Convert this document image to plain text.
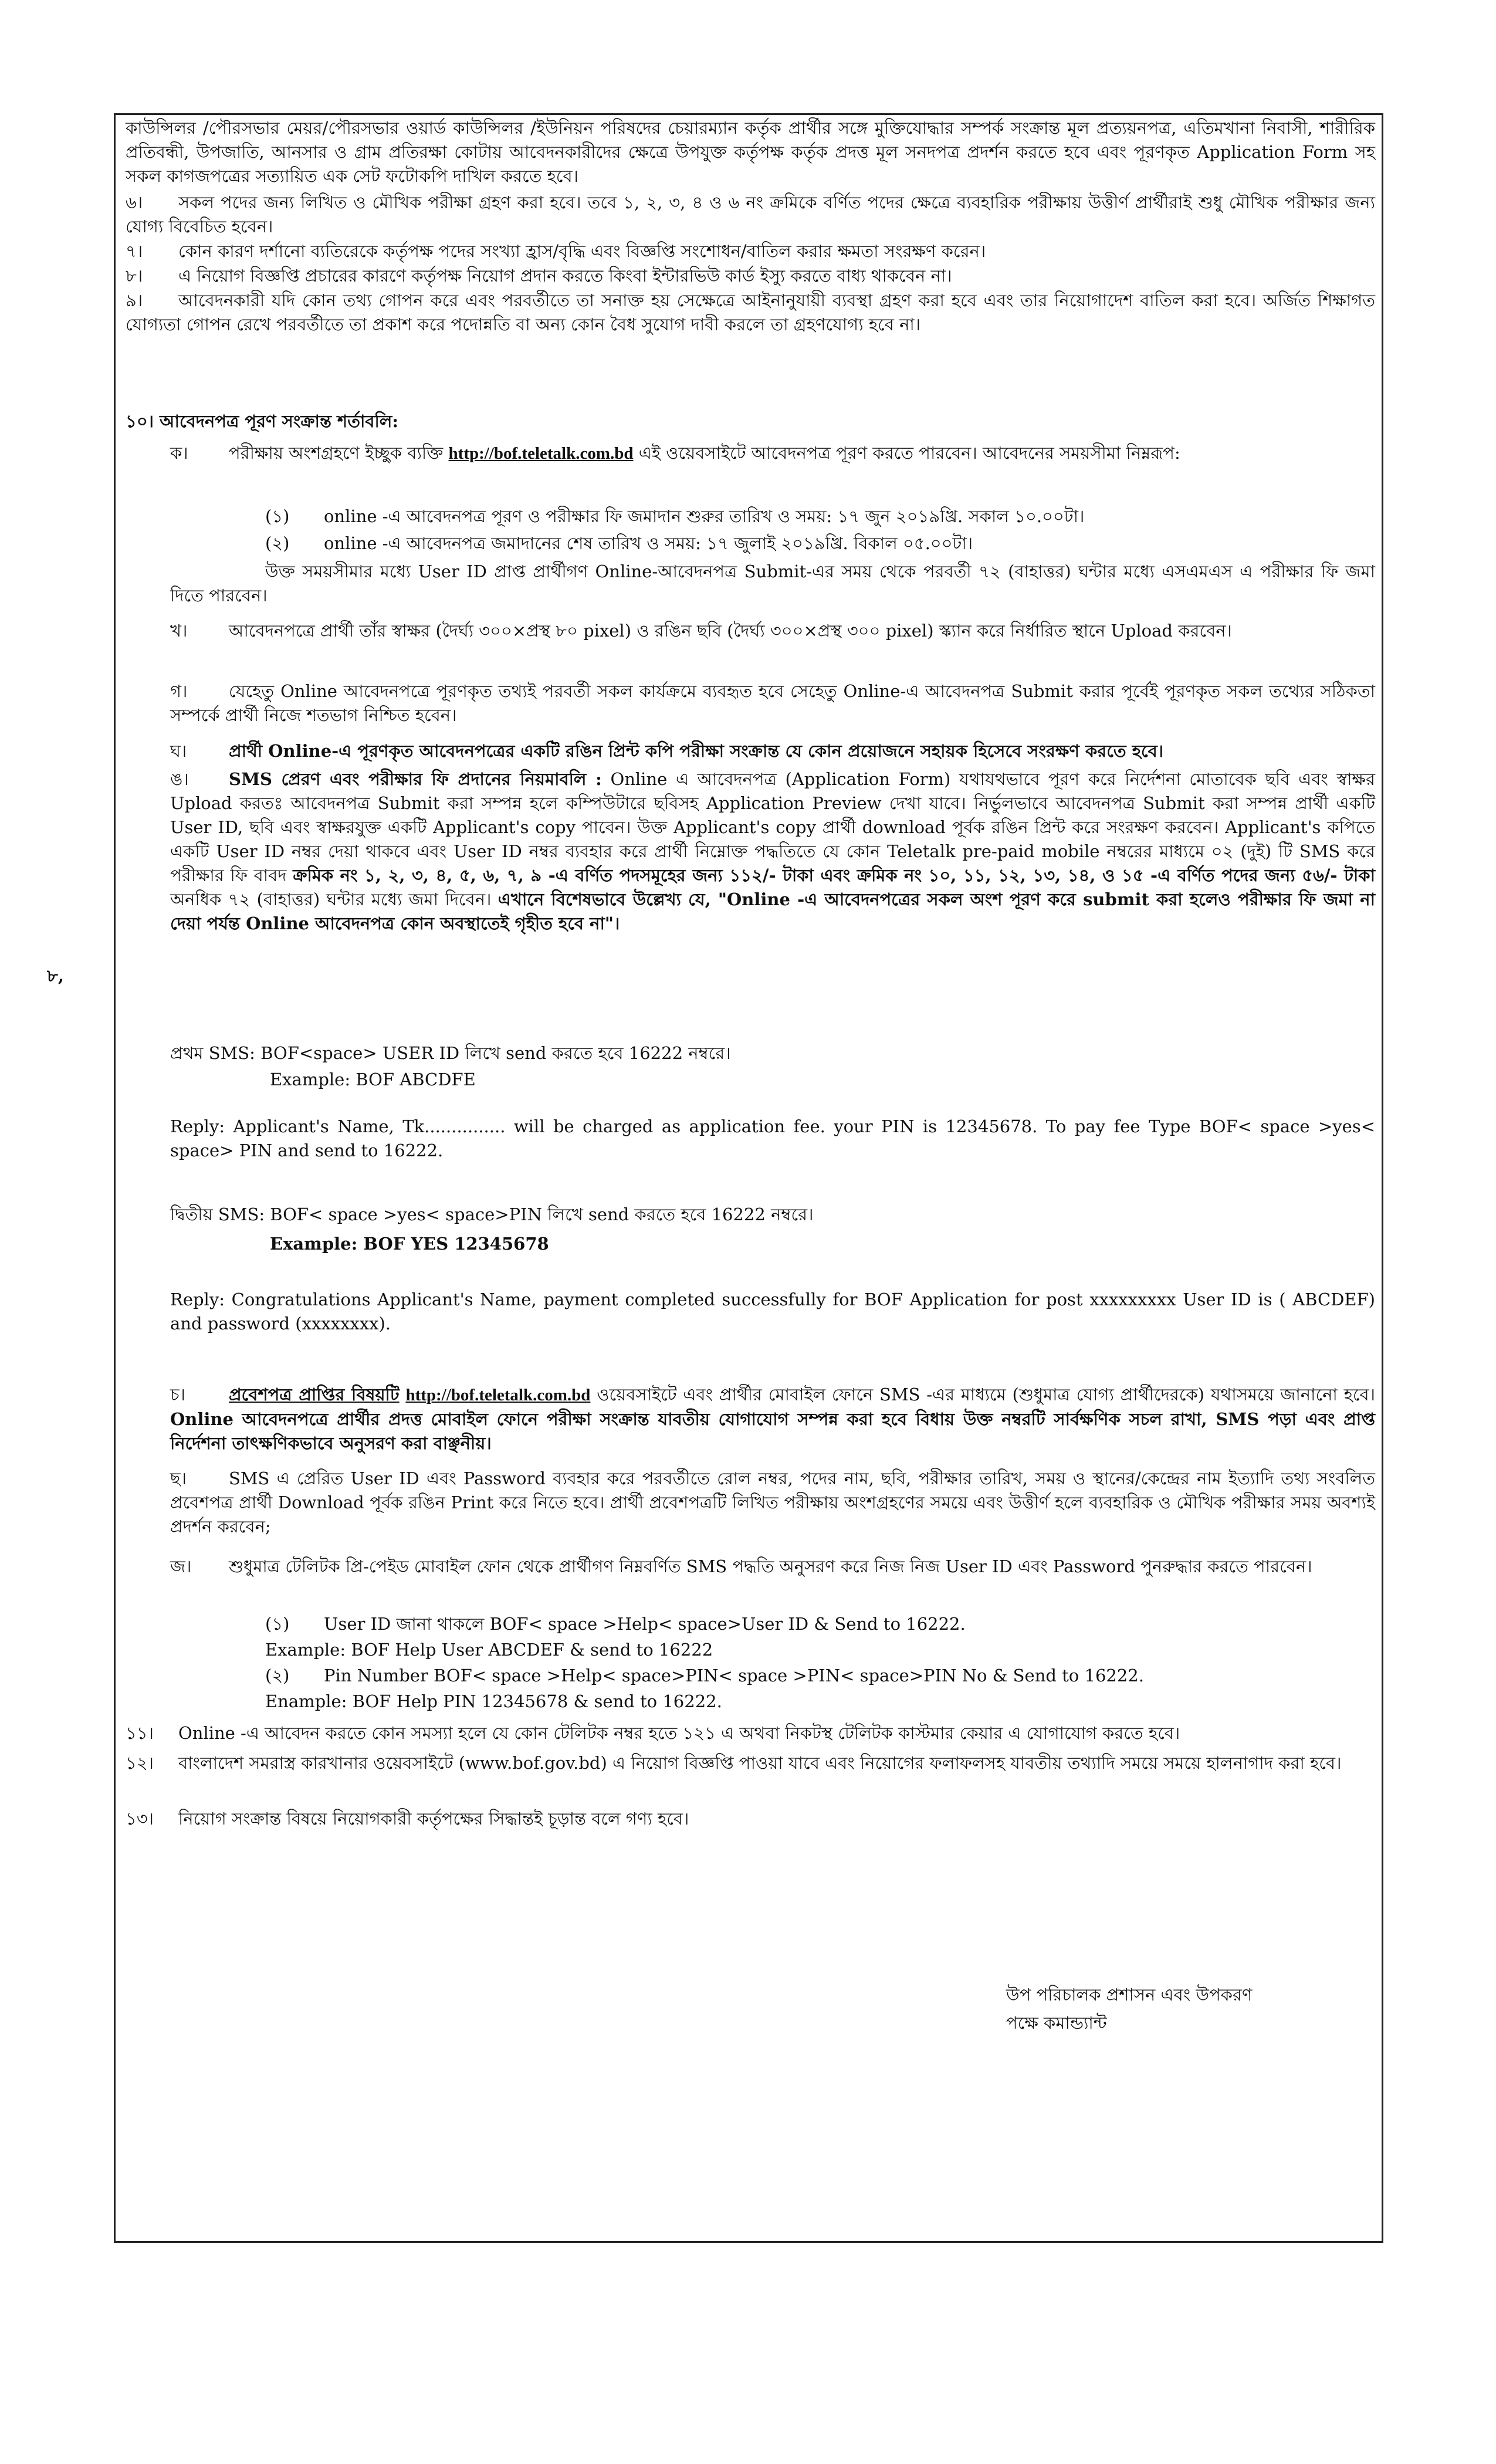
কাউন্সিলর /পৌরসভার মেয়র/পৌরসভার ওয়ার্ড কাউন্সিলর /ইউনিয়ন পরিষদের চেয়ারম্যান কর্তৃক প্রার্থীর সঙ্গে মুক্তিযোদ্ধার সম্পর্ক সংক্রান্ত মূল প্রত্যয়নপত্র, এতিমখানা নিবাসী, শারীরিক প্রতিবন্ধী, উপজাতি, আনসার ও গ্রাম প্রতিরক্ষা কোটায় আবেদনকারীদের ক্ষেত্রে উপযুক্ত কর্তৃপক্ষ কর্তৃক প্রদত্ত মূল সনদপত্র প্রদর্শন করতে হবে এবং পূরণকৃত Application Form সহ সকল কাগজপত্রের সত্যায়িত এক সেট ফটোকপি দাখিল করতে হবে।

৬। সকল পদের জন্য লিখিত ও মৌখিক পরীক্ষা গ্রহণ করা হবে। তবে ১, ২, ৩, ৪ ও ৬ নং ক্রমিকে বর্ণিত পদের ক্ষেত্রে ব্যবহারিক পরীক্ষায় উত্তীর্ণ প্রার্থীরাই শুধু মৌখিক পরীক্ষার জন্য যোগ্য বিবেচিত হবেন।

৭। কোন কারণ দর্শানো ব্যতিরেকে কর্তৃপক্ষ পদের সংখ্যা হ্রাস/বৃদ্ধি এবং বিজ্ঞপ্তি সংশোধন/বাতিল করার ক্ষমতা সংরক্ষণ করেন।

৮। এ নিয়োগ বিজ্ঞপ্তি প্রচারের কারণে কর্তৃপক্ষ নিয়োগ প্রদান করতে কিংবা ইন্টারভিউ কার্ড ইস্যু করতে বাধ্য থাকবেন না।

৯। আবেদনকারী যদি কোন তথ্য গোপন করে এবং পরবর্তীতে তা সনাক্ত হয় সেক্ষেত্রে আইনানুযায়ী ব্যবস্থা গ্রহণ করা হবে এবং তার নিয়োগাদেশ বাতিল করা হবে। অর্জিত শিক্ষাগত যোগ্যতা গোপন রেখে পরবর্তীতে তা প্রকাশ করে পদোন্নতি বা অন্য কোন বৈধ সুযোগ দাবী করলে তা গ্রহণযোগ্য হবে না।

১০। আবেদনপত্র পূরণ সংক্রান্ত শর্তাবলি:

ক। পরীক্ষায় অংশগ্রহণে ইচ্ছুক ব্যক্তি http://bof.teletalk.com.bd এই ওয়েবসাইটে আবেদনপত্র পূরণ করতে পারবেন। আবেদনের সময়সীমা নিম্নরূপ:

(১) online -এ আবেদনপত্র পূরণ ও পরীক্ষার ফি জমাদান শুরুর তারিখ ও সময়: ১৭ জুন ২০১৯খ্রি. সকাল ১০.০০টা।

(২) online -এ আবেদনপত্র জমাদানের শেষ তারিখ ও সময়: ১৭ জুলাই ২০১৯খ্রি. বিকাল ০৫.০০টা।

উক্ত সময়সীমার মধ্যে User ID প্রাপ্ত প্রার্থীগণ Online-আবেদনপত্র Submit-এর সময় থেকে পরবর্তী ৭২ (বাহাত্তর) ঘন্টার মধ্যে এসএমএস এ পরীক্ষার ফি জমা দিতে পারবেন।

খ। আবেদনপত্রে প্রার্থী তাঁর স্বাক্ষর (দৈর্ঘ্য ৩০০×প্রস্থ ৮০ pixel) ও রঙিন ছবি (দৈর্ঘ্য ৩০০×প্রস্থ ৩০০ pixel) স্ক্যান করে নির্ধারিত স্থানে Upload করবেন।

গ। যেহেতু Online আবেদনপত্রে পূরণকৃত তথ্যই পরবর্তী সকল কার্যক্রমে ব্যবহৃত হবে সেহেতু Online-এ আবেদনপত্র Submit করার পূর্বেই পূরণকৃত সকল তথ্যের সঠিকতা সম্পর্কে প্রার্থী নিজে শতভাগ নিশ্চিত হবেন।

ঘ। প্রার্থী Online-এ পূরণকৃত আবেদনপত্রের একটি রঙিন প্রিন্ট কপি পরীক্ষা সংক্রান্ত যে কোন প্রয়োজনে সহায়ক হিসেবে সংরক্ষণ করতে হবে।

ঙ। SMS প্রেরণ এবং পরীক্ষার ফি প্রদানের নিয়মাবলি : Online এ আবেদনপত্র (Application Form) যথাযথভাবে পূরণ করে নির্দেশনা মোতাবেক ছবি এবং স্বাক্ষর Upload করতঃ আবেদনপত্র Submit করা সম্পন্ন হলে কম্পিউটারে ছবিসহ Application Preview দেখা যাবে। নির্ভুলভাবে আবেদনপত্র Submit করা সম্পন্ন প্রার্থী একটি User ID, ছবি এবং স্বাক্ষরযুক্ত একটি Applicant's copy পাবেন। উক্ত Applicant's copy প্রার্থী download পূর্বক রঙিন প্রিন্ট করে সংরক্ষণ করবেন। Applicant's কপিতে একটি User ID নম্বর দেয়া থাকবে এবং User ID নম্বর ব্যবহার করে প্রার্থী নিম্নোক্ত পদ্ধতিতে যে কোন Teletalk pre-paid mobile নম্বরের মাধ্যমে ০২ (দুই) টি SMS করে পরীক্ষার ফি বাবদ ক্রমিক নং ১, ২, ৩, ৪, ৫, ৬, ৭, ৯ -এ বর্ণিত পদসমূহের জন্য ১১২/- টাকা এবং ক্রমিক নং ১০, ১১, ১২, ১৩, ১৪, ও ১৫ -এ বর্ণিত পদের জন্য ৫৬/- টাকা অনধিক ৭২ (বাহাত্তর) ঘন্টার মধ্যে জমা দিবেন। এখানে বিশেষভাবে উল্লেখ্য যে, "Online -এ আবেদনপত্রের সকল অংশ পূরণ করে submit করা হলেও পরীক্ষার ফি জমা না দেয়া পর্যন্ত Online আবেদনপত্র কোন অবস্থাতেই গৃহীত হবে না"।

৮,

প্রথম SMS: BOF<space> USER ID লিখে send করতে হবে 16222 নম্বরে।

Example: BOF ABCDFE

Reply: Applicant's Name, Tk............... will be charged as application fee. your PIN is 12345678. To pay fee Type BOF< space >yes< space> PIN and send to 16222.

দ্বিতীয় SMS: BOF< space >yes< space>PIN লিখে send করতে হবে 16222 নম্বরে।

Example: BOF YES 12345678

Reply: Congratulations Applicant's Name, payment completed successfully for BOF Application for post xxxxxxxxx User ID is ( ABCDEF) and password (xxxxxxxx).

চ।	প্রবেশপত্র প্রাপ্তির বিষয়টি http://bof.teletalk.com.bd ওয়েবসাইটে এবং প্রার্থীর মোবাইল ফোনে SMS -এর মাধ্যমে (শুধুমাত্র যোগ্য প্রার্থীদেরকে) যথাসময়ে জানানো হবে। Online আবেদনপত্রে প্রার্থীর প্রদত্ত মোবাইল ফোনে পরীক্ষা সংক্রান্ত যাবতীয় যোগাযোগ সম্পন্ন করা হবে বিধায় উক্ত নম্বরটি সার্বক্ষণিক সচল রাখা, SMS পড়া এবং প্রাপ্ত নির্দেশনা তাৎক্ষণিকভাবে অনুসরণ করা বাঞ্ছনীয়।

ছ। SMS এ প্রেরিত User ID এবং Password ব্যবহার করে পরবর্তীতে রোল নম্বর, পদের নাম, ছবি, পরীক্ষার তারিখ, সময় ও স্থানের/কেন্দ্রের নাম ইত্যাদি তথ্য সংবলিত প্রবেশপত্র প্রার্থী Download পূর্বক রঙিন Print করে নিতে হবে। প্রার্থী প্রবেশপত্রটি লিখিত পরীক্ষায় অংশগ্রহণের সময়ে এবং উত্তীর্ণ হলে ব্যবহারিক ও মৌখিক পরীক্ষার সময় অবশ্যই প্রদর্শন করবেন;

জ। শুধুমাত্র টেলিটক প্রি-পেইড মোবাইল ফোন থেকে প্রার্থীগণ নিম্নবর্ণিত SMS পদ্ধতি অনুসরণ করে নিজ নিজ User ID এবং Password পুনরুদ্ধার করতে পারবেন।

(১) User ID জানা থাকলে BOF< space >Help< space>User ID & Send to 16222.

Example: BOF Help User ABCDEF & send to 16222

(২) Pin Number BOF< space >Help< space>PIN< space >PIN< space>PIN No & Send to 16222.

Enample: BOF Help PIN 12345678 & send to 16222.

১১। Online -এ আবেদন করতে কোন সমস্যা হলে যে কোন টেলিটক নম্বর হতে ১২১ এ অথবা নিকটস্থ টেলিটক কাস্টমার কেয়ার এ যোগাযোগ করতে হবে।

১২। বাংলাদেশ সমরাস্ত্র কারখানার ওয়েবসাইটে (www.bof.gov.bd) এ নিয়োগ বিজ্ঞপ্তি পাওয়া যাবে এবং নিয়োগের ফলাফলসহ যাবতীয় তথ্যাদি সময়ে সময়ে হালনাগাদ করা হবে।

১৩। নিয়োগ সংক্রান্ত বিষয়ে নিয়োগকারী কর্তৃপক্ষের সিদ্ধান্তই চূড়ান্ত বলে গণ্য হবে।

উপ পরিচালক প্রশাসন এবং উপকরণ
পক্ষে কমান্ড্যান্ট
